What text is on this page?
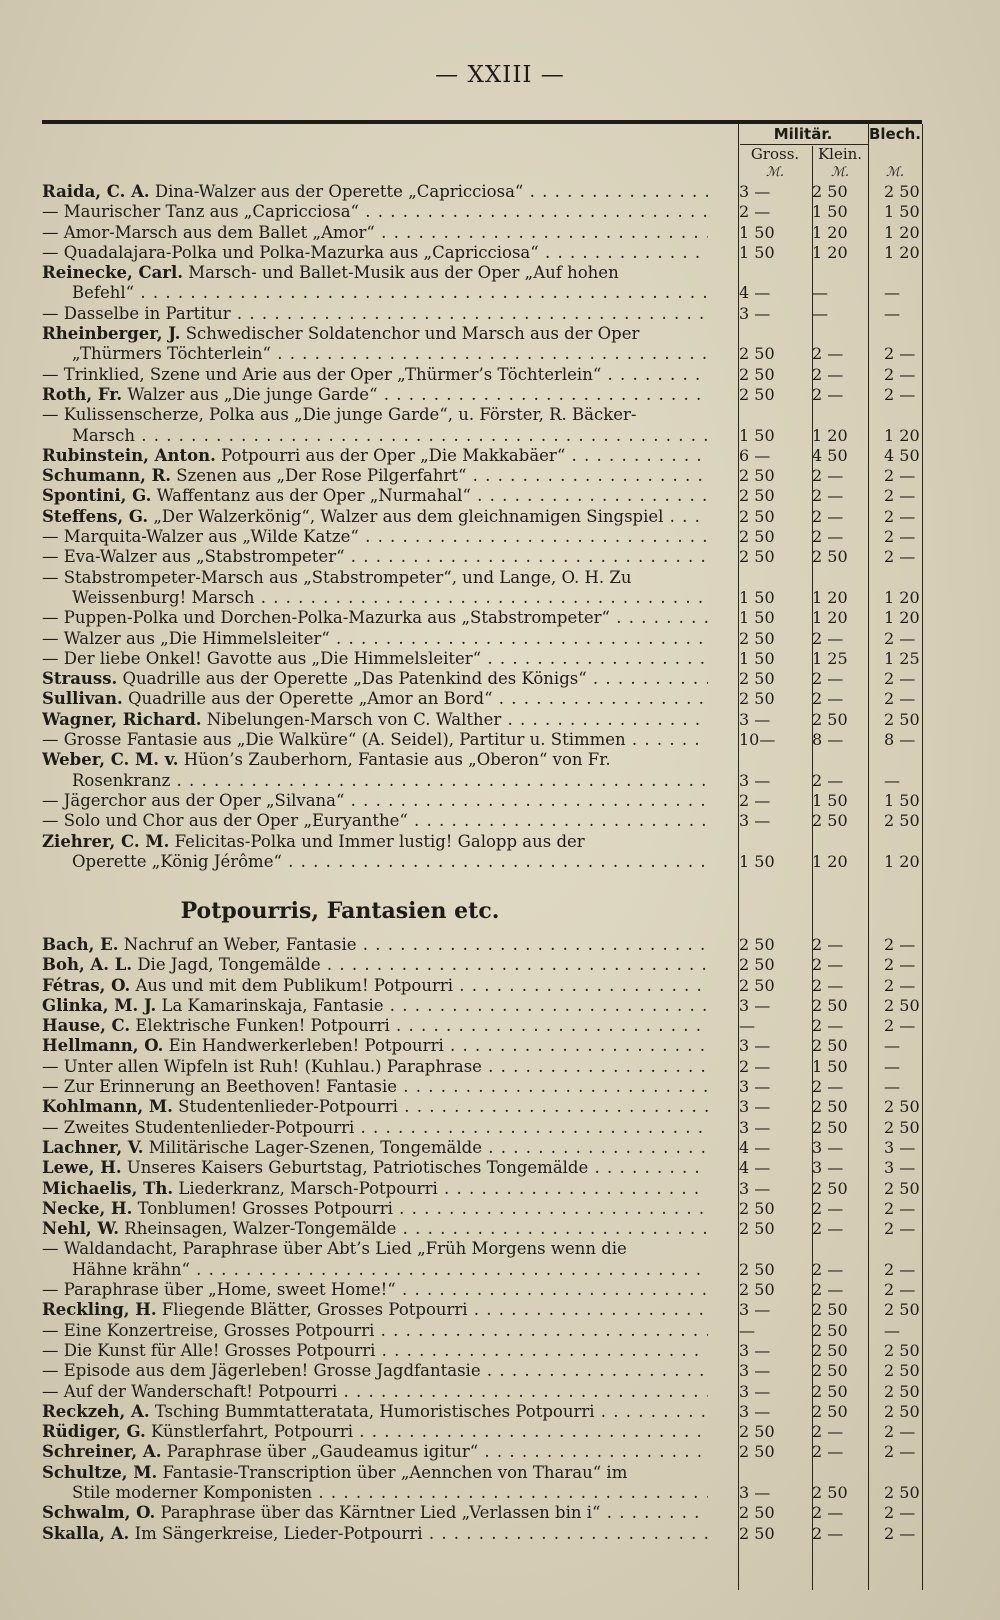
— XXIII —
Militär.	Blech.
Gross.	Klein.
ℳ.	ℳ.	ℳ.
Raida, C. A. Dina-Walzer aus der Operette „Capricciosa“ . . .	3 —	2 50	2 50
— Maurischer Tanz aus „Capricciosa“ . . .	2 —	1 50	1 50
— Amor-Marsch aus dem Ballet „Amor“ . . .	1 50	1 20	1 20
— Quadalajara-Polka und Polka-Mazurka aus „Capricciosa“ . . .	1 50	1 20	1 20
Reinecke, Carl. Marsch- und Ballet-Musik aus der Oper „Auf hohen
Befehl“ . . .	4 —	—	—
— Dasselbe in Partitur . . .	3 —	—	—
Rheinberger, J. Schwedischer Soldatenchor und Marsch aus der Oper
„Thürmers Töchterlein“ . . .	2 50	2 —	2 —
— Trinklied, Szene und Arie aus der Oper „Thürmer’s Töchterlein“ . . .	2 50	2 —	2 —
Roth, Fr. Walzer aus „Die junge Garde“ . . .	2 50	2 —	2 —
— Kulissenscherze, Polka aus „Die junge Garde“, u. Förster, R. Bäcker-
Marsch . . .	1 50	1 20	1 20
Rubinstein, Anton. Potpourri aus der Oper „Die Makkabäer“ . . .	6 —	4 50	4 50
Schumann, R. Szenen aus „Der Rose Pilgerfahrt“ . . .	2 50	2 —	2 —
Spontini, G. Waffentanz aus der Oper „Nurmahal“ . . .	2 50	2 —	2 —
Steffens, G. „Der Walzerkönig“, Walzer aus dem gleichnamigen Singspiel . . .	2 50	2 —	2 —
— Marquita-Walzer aus „Wilde Katze“ . . .	2 50	2 —	2 —
— Eva-Walzer aus „Stabstrompeter“ . . .	2 50	2 50	2 —
— Stabstrompeter-Marsch aus „Stabstrompeter“, und Lange, O. H. Zu
Weissenburg! Marsch . . .	1 50	1 20	1 20
— Puppen-Polka und Dorchen-Polka-Mazurka aus „Stabstrompeter“ . . .	1 50	1 20	1 20
— Walzer aus „Die Himmelsleiter“ . . .	2 50	2 —	2 —
— Der liebe Onkel! Gavotte aus „Die Himmelsleiter“ . . .	1 50	1 25	1 25
Strauss. Quadrille aus der Operette „Das Patenkind des Königs“ . . .	2 50	2 —	2 —
Sullivan. Quadrille aus der Operette „Amor an Bord“ . . .	2 50	2 —	2 —
Wagner, Richard. Nibelungen-Marsch von C. Walther . . .	3 —	2 50	2 50
— Grosse Fantasie aus „Die Walküre“ (A. Seidel), Partitur u. Stimmen . . .	10—	8 —	8 —
Weber, C. M. v. Hüon’s Zauberhorn, Fantasie aus „Oberon“ von Fr.
Rosenkranz . . .	3 —	2 —	—
— Jägerchor aus der Oper „Silvana“ . . .	2 —	1 50	1 50
— Solo und Chor aus der Oper „Euryanthe“ . . .	3 —	2 50	2 50
Ziehrer, C. M. Felicitas-Polka und Immer lustig! Galopp aus der
Operette „König Jérôme“ . . .	1 50	1 20	1 20
Potpourris, Fantasien etc.
Bach, E. Nachruf an Weber, Fantasie . . .	2 50	2 —	2 —
Boh, A. L. Die Jagd, Tongemälde . . .	2 50	2 —	2 —
Fétras, O. Aus und mit dem Publikum! Potpourri . . .	2 50	2 —	2 —
Glinka, M. J. La Kamarinskaja, Fantasie . . .	3 —	2 50	2 50
Hause, C. Elektrische Funken! Potpourri . . .	—	2 —	2 —
Hellmann, O. Ein Handwerkerleben! Potpourri . . .	3 —	2 50	—
— Unter allen Wipfeln ist Ruh! (Kuhlau.) Paraphrase . . .	2 —	1 50	—
— Zur Erinnerung an Beethoven! Fantasie . . .	3 —	2 —	—
Kohlmann, M. Studentenlieder-Potpourri . . .	3 —	2 50	2 50
— Zweites Studentenlieder-Potpourri . . .	3 —	2 50	2 50
Lachner, V. Militärische Lager-Szenen, Tongemälde . . .	4 —	3 —	3 —
Lewe, H. Unseres Kaisers Geburtstag, Patriotisches Tongemälde . . .	4 —	3 —	3 —
Michaelis, Th. Liederkranz, Marsch-Potpourri . . .	3 —	2 50	2 50
Necke, H. Tonblumen! Grosses Potpourri . . .	2 50	2 —	2 —
Nehl, W. Rheinsagen, Walzer-Tongemälde . . .	2 50	2 —	2 —
— Waldandacht, Paraphrase über Abt’s Lied „Früh Morgens wenn die
Hähne krähn“ . . .	2 50	2 —	2 —
— Paraphrase über „Home, sweet Home!“ . . .	2 50	2 —	2 —
Reckling, H. Fliegende Blätter, Grosses Potpourri . . .	3 —	2 50	2 50
— Eine Konzertreise, Grosses Potpourri . . .	—	2 50	—
— Die Kunst für Alle! Grosses Potpourri . . .	3 —	2 50	2 50
— Episode aus dem Jägerleben! Grosse Jagdfantasie . . .	3 —	2 50	2 50
— Auf der Wanderschaft! Potpourri . . .	3 —	2 50	2 50
Reckzeh, A. Tsching Bummtatteratata, Humoristisches Potpourri . . .	3 —	2 50	2 50
Rüdiger, G. Künstlerfahrt, Potpourri . . .	2 50	2 —	2 —
Schreiner, A. Paraphrase über „Gaudeamus igitur“ . . .	2 50	2 —	2 —
Schultze, M. Fantasie-Transcription über „Aennchen von Tharau“ im
Stile moderner Komponisten . . .	3 —	2 50	2 50
Schwalm, O. Paraphrase über das Kärntner Lied „Verlassen bin i“ . . .	2 50	2 —	2 —
Skalla, A. Im Sängerkreise, Lieder-Potpourri . . .	2 50	2 —	2 —
